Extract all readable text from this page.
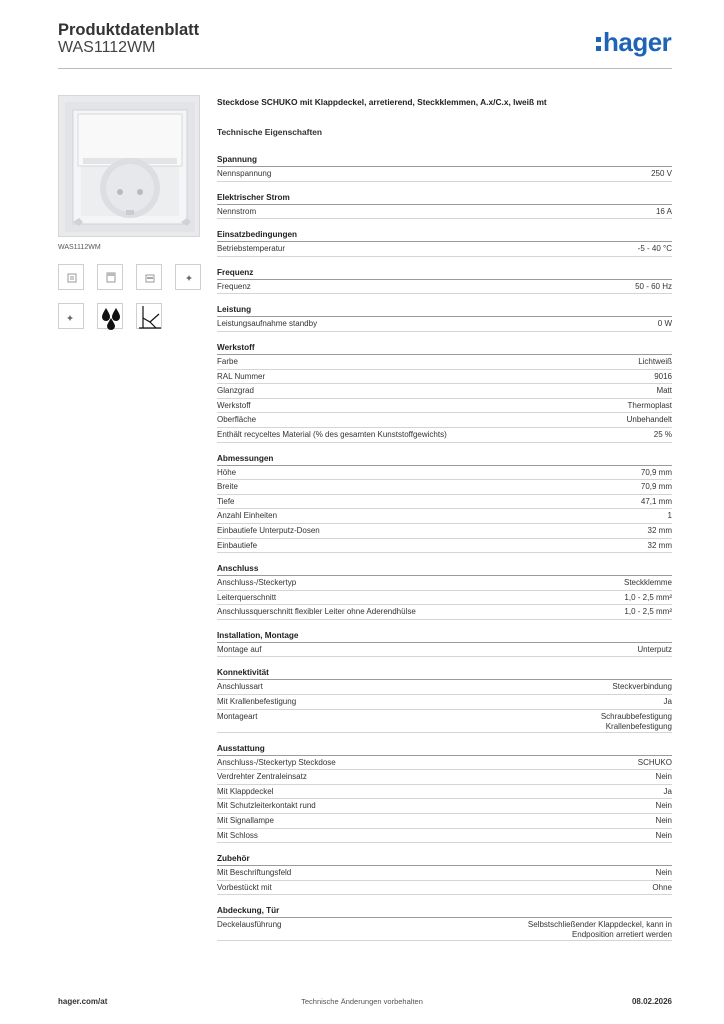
Produktdatenblatt
WAS1112WM	hager
WAS1112WM
Steckdose SCHUKO mit Klappdeckel, arretierend, Steckklemmen, A.x/C.x, lweiß mt
Technische Eigenschaften
Spannung
Nennspannung	250 V
Elektrischer Strom
Nennstrom	16 A
Einsatzbedingungen
Betriebstemperatur	-5 - 40 °C
Frequenz
Frequenz	50 - 60 Hz
Leistung
Leistungsaufnahme standby	0 W
Werkstoff
Farbe	Lichtweiß
RAL Nummer	9016
Glanzgrad	Matt
Werkstoff	Thermoplast
Oberfläche	Unbehandelt
Enthält recyceltes Material (% des gesamten Kunststoffgewichts)	25 %
Abmessungen
Höhe	70,9 mm
Breite	70,9 mm
Tiefe	47,1 mm
Anzahl Einheiten	1
Einbautiefe Unterputz-Dosen	32 mm
Einbautiefe	32 mm
Anschluss
Anschluss-/Steckertyp	Steckklemme
Leiterquerschnitt	1,0 - 2,5 mm²
Anschlussquerschnitt flexibler Leiter ohne Aderendhülse	1,0 - 2,5 mm²
Installation, Montage
Montage auf	Unterputz
Konnektivität
Anschlussart	Steckverbindung
Mit Krallenbefestigung	Ja
Montageart	Schraubbefestigung
Krallenbefestigung
Ausstattung
Anschluss-/Steckertyp Steckdose	SCHUKO
Verdrehter Zentraleinsatz	Nein
Mit Klappdeckel	Ja
Mit Schutzleiterkontakt rund	Nein
Mit Signallampe	Nein
Mit Schloss	Nein
Zubehör
Mit Beschriftungsfeld	Nein
Vorbestückt mit	Ohne
Abdeckung, Tür
Deckelausführung	Selbstschließender Klappdeckel, kann in
Endposition arretiert werden
hager.com/at	Technische Änderungen vorbehalten	08.02.2026
